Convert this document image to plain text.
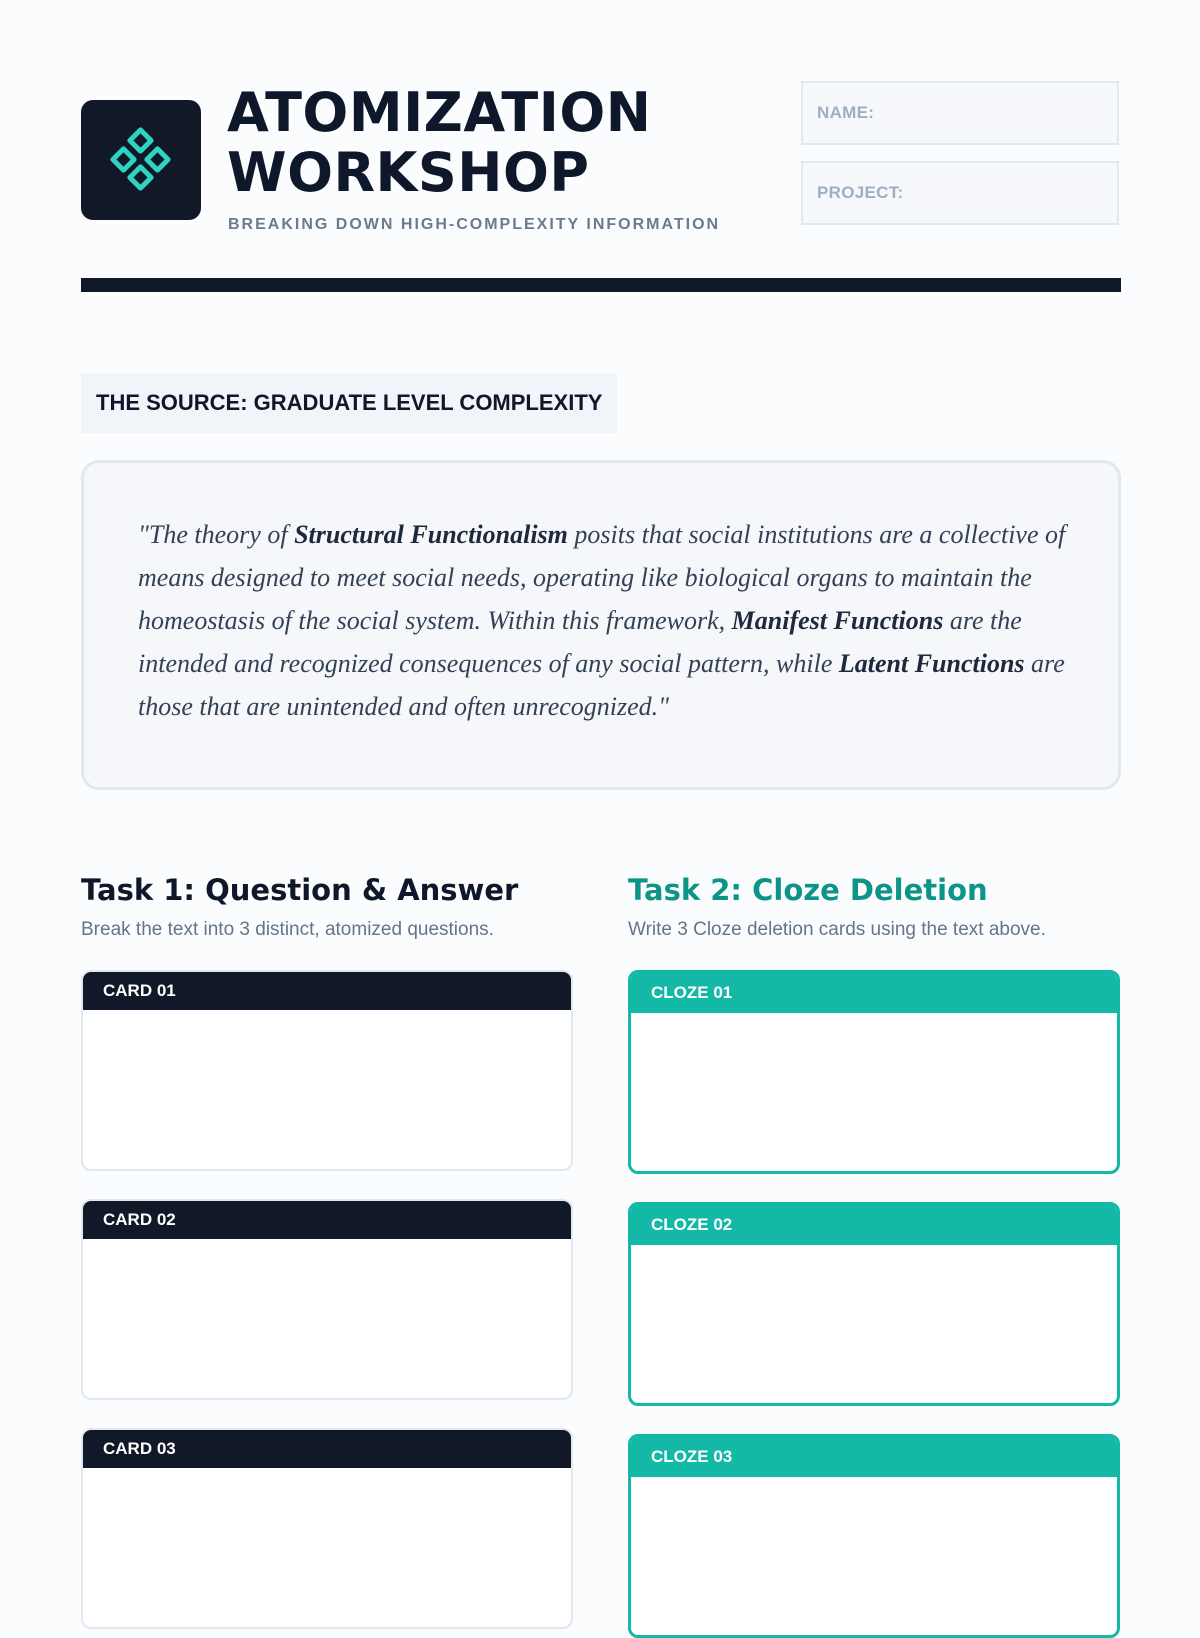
ATOMIZATION
WORKSHOP
BREAKING DOWN HIGH-COMPLEXITY INFORMATION
NAME:
PROJECT:
THE SOURCE: GRADUATE LEVEL COMPLEXITY

"The theory of Structural Functionalism posits that social institutions are a collective of means designed to meet social needs, operating like biological organs to maintain the homeostasis of the social system. Within this framework, Manifest Functions are the intended and recognized consequences of any social pattern, while Latent Functions are those that are unintended and often unrecognized."

Task 1: Question & Answer
Break the text into 3 distinct, atomized questions.
CARD 01
CARD 02
CARD 03
Task 2: Cloze Deletion
Write 3 Cloze deletion cards using the text above.
CLOZE 01
CLOZE 02
CLOZE 03
